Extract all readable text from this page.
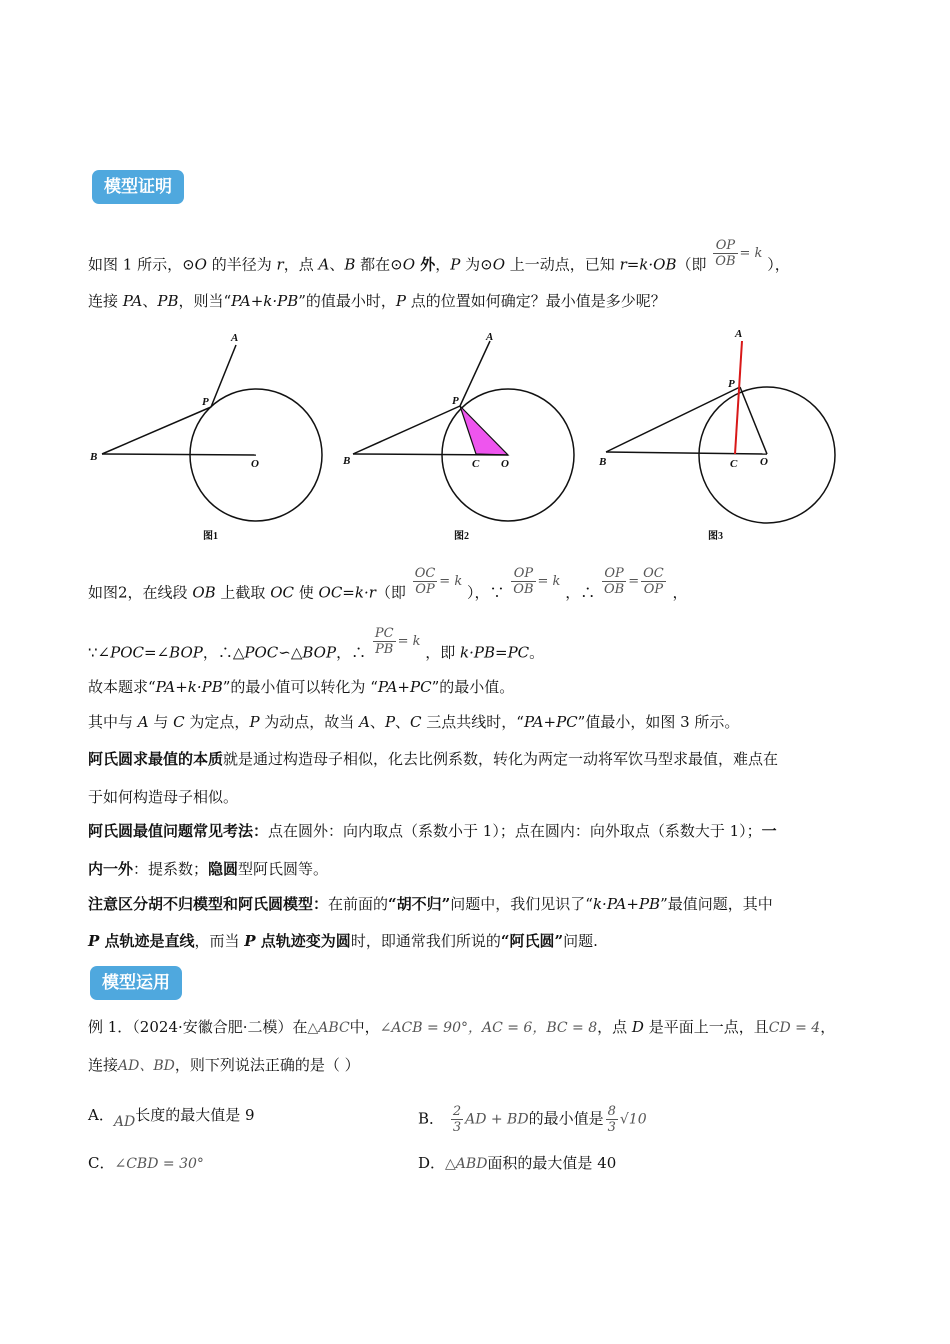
模型证明
如图 1 所示，⊙O 的半径为 r，点 A、B 都在⊙O 外，P 为⊙O 上一动点，已知 r=k·OB（即 $\frac{OP}{OB} = k$ ），
连接 PA、PB，则当“PA+k·PB”的值最小时，P 点的位置如何确定？最小值是多少呢？
A
B
P
O
图1
A
B
P
C O
图2
A
B
P
C O
图3
如图2，在线段 OB 上截取 OC 使 OC=k·r（即 $\frac{OC}{OP} = k$ ），∵ $\frac{OP}{OB} = k$ ，∴ $\frac{OP}{OB} = \frac{OC}{OP}$ ，
∵∠POC=∠BOP，∴△POC∽△BOP，∴ $\frac{PC}{PB} = k$ ，即 k·PB=PC。
故本题求“PA+k·PB”的最小值可以转化为 “PA+PC”的最小值。
其中与 A 与 C 为定点，P 为动点，故当 A、P、C 三点共线时，“PA+PC”值最小，如图 3 所示。
阿氏圆求最值的本质就是通过构造母子相似，化去比例系数，转化为两定一动将军饮马型求最值，难点在
于如何构造母子相似。
阿氏圆最值问题常见考法：点在圆外：向内取点（系数小于 1）；点在圆内：向外取点（系数大于 1）；一
内一外：提系数；隐圆型阿氏圆等。
注意区分胡不归模型和阿氏圆模型：在前面的“胡不归”问题中，我们见识了“k·PA+PB”最值问题，其中
P 点轨迹是直线，而当 P 点轨迹变为圆时，即通常我们所说的“阿氏圆”问题.
模型运用
例 1．（2024·安徽合肥·二模）在△ABC中，∠ACB = 90°，AC = 6，BC = 8，点 D 是平面上一点，且CD = 4，
连接AD、BD，则下列说法正确的是（ ）
A．AD长度的最大值是 9	B． $\frac{2}{3}$ AD + BD的最小值是 $\frac{8}{3} √10$
C．∠CBD = 30°	D．△ABD面积的最大值是 40
